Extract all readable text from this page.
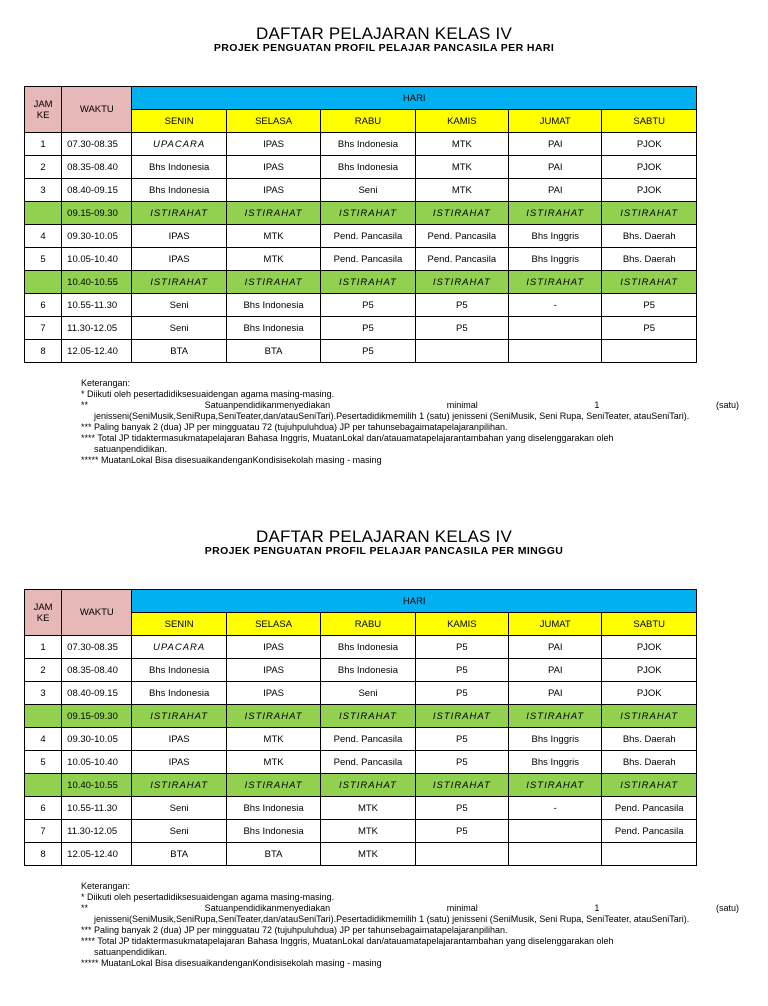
DAFTAR PELAJARAN KELAS IV
PROJEK PENGUATAN PROFIL PELAJAR PANCASILA PER HARI
JAM
KE	WAKTU	HARI					
		SENIN	SELASA	RABU	KAMIS	JUMAT	SABTU
1	07.30-08.35	UPACARA	IPAS	Bhs Indonesia	MTK	PAI	PJOK
2	08.35-08.40	Bhs Indonesia	IPAS	Bhs Indonesia	MTK	PAI	PJOK
3	08.40-09.15	Bhs Indonesia	IPAS	Seni	MTK	PAI	PJOK
	09.15-09.30	ISTIRAHAT	ISTIRAHAT	ISTIRAHAT	ISTIRAHAT	ISTIRAHAT	ISTIRAHAT
4	09.30-10.05	IPAS	MTK	Pend. Pancasila	Pend. Pancasila	Bhs Inggris	Bhs. Daerah
5	10.05-10.40	IPAS	MTK	Pend. Pancasila	Pend. Pancasila	Bhs Inggris	Bhs. Daerah
	10.40-10.55	ISTIRAHAT	ISTIRAHAT	ISTIRAHAT	ISTIRAHAT	ISTIRAHAT	ISTIRAHAT
6	10.55-11.30	Seni	Bhs Indonesia	P5	P5	-	P5
7	11.30-12.05	Seni	Bhs Indonesia	P5	P5		P5
8	12.05-12.40	BTA	BTA	P5			
Keterangan:
* Diikuti oleh pesertadidiksesuaidengan agama masing-masing.
**	Satuanpendidikanmenyediakan	minimal	1	(satu)
jenisseni(SeniMusik,SeniRupa,SeniTeater,dan/atauSeniTari).Pesertadidikmemilih 1 (satu) jenisseni (SeniMusik, Seni Rupa, SeniTeater, atauSeniTari).
*** Paling banyak 2 (dua) JP per mingguatau 72 (tujuhpuluhdua) JP per tahunsebagaimatapelajaranpilihan.
**** Total JP tidaktermasukmatapelajaran Bahasa Inggris, MuatanLokal dan/atauamatapelajarantambahan yang diselenggarakan oleh
satuanpendidikan.
***** MuatanLokal Bisa disesuaikandenganKondisisekolah masing - masing
DAFTAR PELAJARAN KELAS IV
PROJEK PENGUATAN PROFIL PELAJAR PANCASILA PER MINGGU
JAM
KE	WAKTU	HARI					
		SENIN	SELASA	RABU	KAMIS	JUMAT	SABTU
1	07.30-08.35	UPACARA	IPAS	Bhs Indonesia	P5	PAI	PJOK
2	08.35-08.40	Bhs Indonesia	IPAS	Bhs Indonesia	P5	PAI	PJOK
3	08.40-09.15	Bhs Indonesia	IPAS	Seni	P5	PAI	PJOK
	09.15-09.30	ISTIRAHAT	ISTIRAHAT	ISTIRAHAT	ISTIRAHAT	ISTIRAHAT	ISTIRAHAT
4	09.30-10.05	IPAS	MTK	Pend. Pancasila	P5	Bhs Inggris	Bhs. Daerah
5	10.05-10.40	IPAS	MTK	Pend. Pancasila	P5	Bhs Inggris	Bhs. Daerah
	10.40-10.55	ISTIRAHAT	ISTIRAHAT	ISTIRAHAT	ISTIRAHAT	ISTIRAHAT	ISTIRAHAT
6	10.55-11.30	Seni	Bhs Indonesia	MTK	P5	-	Pend. Pancasila
7	11.30-12.05	Seni	Bhs Indonesia	MTK	P5		Pend. Pancasila
8	12.05-12.40	BTA	BTA	MTK			
Keterangan:
* Diikuti oleh pesertadidiksesuaidengan agama masing-masing.
**	Satuanpendidikanmenyediakan	minimal	1	(satu)
jenisseni(SeniMusik,SeniRupa,SeniTeater,dan/atauSeniTari).Pesertadidikmemilih 1 (satu) jenisseni (SeniMusik, Seni Rupa, SeniTeater, atauSeniTari).
*** Paling banyak 2 (dua) JP per mingguatau 72 (tujuhpuluhdua) JP per tahunsebagaimatapelajaranpilihan.
**** Total JP tidaktermasukmatapelajaran Bahasa Inggris, MuatanLokal dan/atauamatapelajarantambahan yang diselenggarakan oleh
satuanpendidikan.
***** MuatanLokal Bisa disesuaikandenganKondisisekolah masing - masing
